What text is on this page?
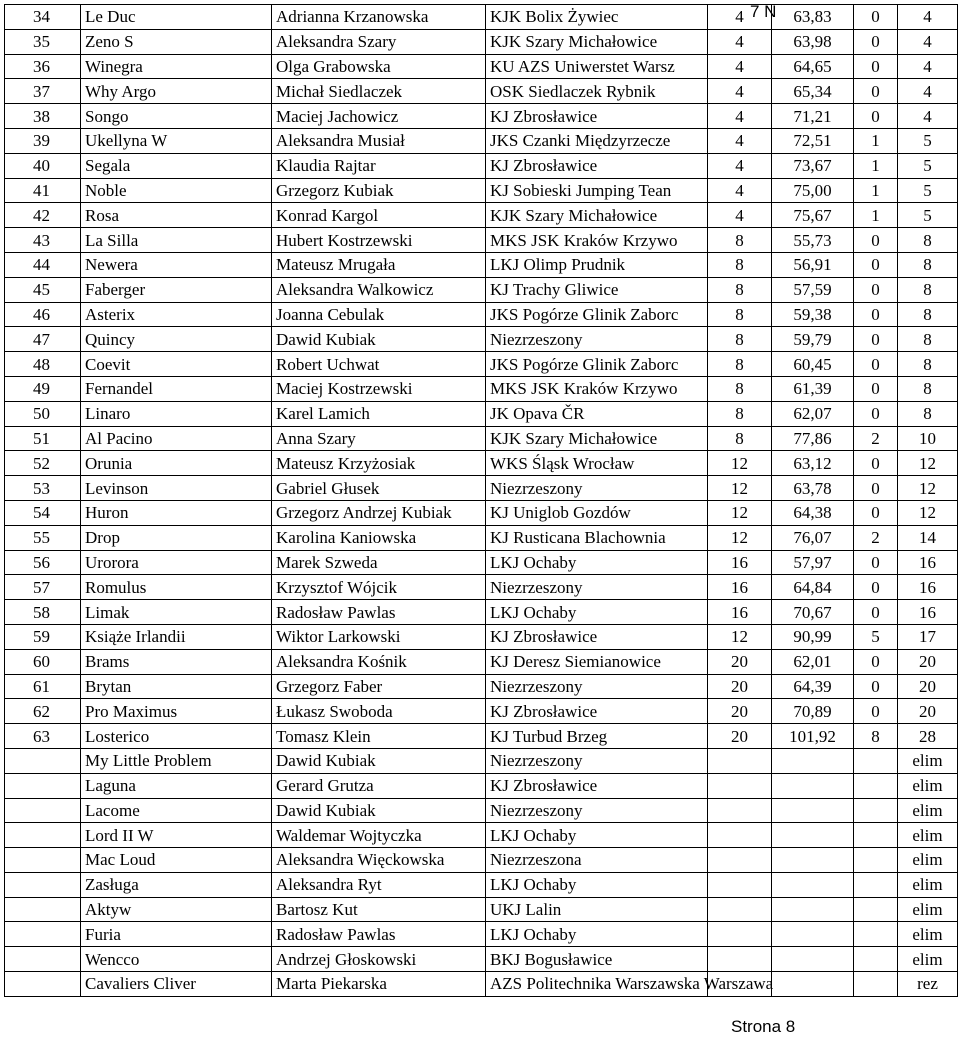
34	Le Duc	Adrianna Krzanowska	KJK Bolix Żywiec	4	63,83	0	4
35	Zeno S	Aleksandra Szary	KJK Szary Michałowice	4	63,98	0	4
36	Winegra	Olga Grabowska	KU AZS Uniwerstet Warsz	4	64,65	0	4
37	Why Argo	Michał Siedlaczek	OSK Siedlaczek Rybnik	4	65,34	0	4
38	Songo	Maciej Jachowicz	KJ Zbrosławice	4	71,21	0	4
39	Ukellyna W	Aleksandra Musiał	JKS Czanki Międzyrzecze	4	72,51	1	5
40	Segala	Klaudia Rajtar	KJ Zbrosławice	4	73,67	1	5
41	Noble	Grzegorz Kubiak	KJ Sobieski Jumping Tean	4	75,00	1	5
42	Rosa	Konrad Kargol	KJK Szary Michałowice	4	75,67	1	5
43	La Silla	Hubert Kostrzewski	MKS JSK Kraków Krzywo	8	55,73	0	8
44	Newera	Mateusz Mrugała	LKJ Olimp Prudnik	8	56,91	0	8
45	Faberger	Aleksandra Walkowicz	KJ Trachy Gliwice	8	57,59	0	8
46	Asterix	Joanna Cebulak	JKS Pogórze Glinik Zaborc	8	59,38	0	8
47	Quincy	Dawid Kubiak	Niezrzeszony	8	59,79	0	8
48	Coevit	Robert Uchwat	JKS Pogórze Glinik Zaborc	8	60,45	0	8
49	Fernandel	Maciej Kostrzewski	MKS JSK Kraków Krzywo	8	61,39	0	8
50	Linaro	Karel Lamich	JK Opava ČR	8	62,07	0	8
51	Al Pacino	Anna Szary	KJK Szary Michałowice	8	77,86	2	10
52	Orunia	Mateusz Krzyżosiak	WKS Śląsk Wrocław	12	63,12	0	12
53	Levinson	Gabriel Głusek	Niezrzeszony	12	63,78	0	12
54	Huron	Grzegorz Andrzej Kubiak	KJ Uniglob Gozdów	12	64,38	0	12
55	Drop	Karolina Kaniowska	KJ Rusticana Blachownia	12	76,07	2	14
56	Urorora	Marek Szweda	LKJ Ochaby	16	57,97	0	16
57	Romulus	Krzysztof Wójcik	Niezrzeszony	16	64,84	0	16
58	Limak	Radosław Pawlas	LKJ Ochaby	16	70,67	0	16
59	Książe Irlandii	Wiktor Larkowski	KJ Zbrosławice	12	90,99	5	17
60	Brams	Aleksandra Kośnik	KJ Deresz Siemianowice	20	62,01	0	20
61	Brytan	Grzegorz Faber	Niezrzeszony	20	64,39	0	20
62	Pro Maximus	Łukasz Swoboda	KJ Zbrosławice	20	70,89	0	20
63	Losterico	Tomasz Klein	KJ Turbud Brzeg	20	101,92	8	28
	My Little Problem	Dawid Kubiak	Niezrzeszony				elim
	Laguna	Gerard Grutza	KJ Zbrosławice				elim
	Lacome	Dawid Kubiak	Niezrzeszony				elim
	Lord II W	Waldemar Wojtyczka	LKJ Ochaby				elim
	Mac Loud	Aleksandra Więckowska	Niezrzeszona				elim
	Zasługa	Aleksandra Ryt	LKJ Ochaby				elim
	Aktyw	Bartosz Kut	UKJ Lalin				elim
	Furia	Radosław Pawlas	LKJ Ochaby				elim
	Wencco	Andrzej Głoskowski	BKJ Bogusławice				elim
	Cavaliers Cliver	Marta Piekarska	AZS Politechnika Warszawska Warszawa				rez
7 N
Strona 8
